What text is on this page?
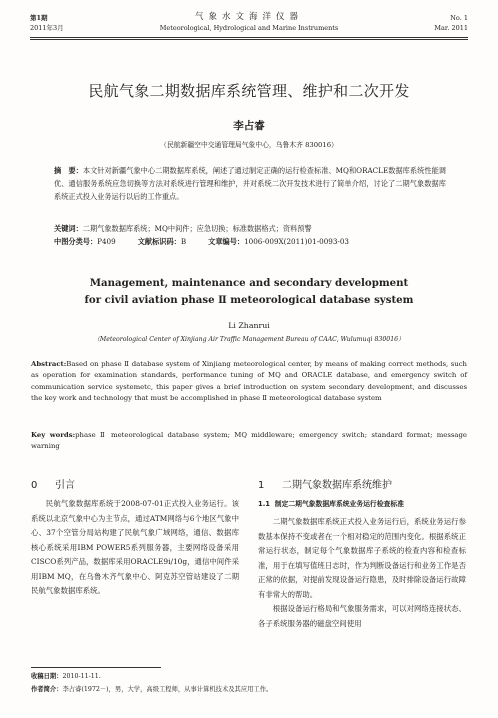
第1期
2011年3月
气象水文海洋仪器
Meteorological, Hydrological and Marine Instruments
No. 1
Mar. 2011
民航气象二期数据库系统管理、维护和二次开发
李占睿
（民航新疆空中交通管理局气象中心，乌鲁木齐 830016）
摘　要：本文针对新疆气象中心二期数据库系统，阐述了通过制定正确的运行检查标准、MQ和ORACLE数据库系统性能调优、通信服务系统应急切换等方法对系统进行管理和维护，并对系统二次开发技术进行了简单介绍，讨论了二期气象数据库系统正式投入业务运行以后的工作重点。
关键词：二期气象数据库系统；MQ中间件；应急切换；标准数据格式；资料预警
中图分类号：P409	文献标识码：B	文章编号：1006-009X(2011)01-0093-03
Management, maintenance and secondary development
for civil aviation phase Ⅱ meteorological database system
Li Zhanrui
（Meteorological Center of Xinjiang Air Traffic Management Bureau of CAAC, Wulumuqi 830016）
Abstract:Based on phase Ⅱ database system of Xinjiang meteorological center, by means of making correct methods, such as operation for examination standards, performance tuning of MQ and ORACLE database, and emergency switch of communication service systemetc, this paper gives a brief introduction on system secondary development, and discusses the key work and technology that must be accomplished in phase Ⅱ meteorological database system
Key words:phase Ⅱ meteorological database system; MQ middleware; emergency switch; standard format; message warning
0 引言

民航气象数据库系统于2008-07-01正式投入业务运行。该系统以北京气象中心为主节点，通过ATM网络与6个地区气象中心、37个空管分局站构建了民航气象广域网络，通信、数据库核心系统采用IBM POWER5系列服务器，主要网络设备采用CISCO系列产品，数据库采用ORACLE9i/10g，通信中间件采用IBM MQ，在乌鲁木齐气象中心、阿克苏空管站建设了二期民航气象数据库系统。

1 二期气象数据库系统维护
1.1 制定二期气象数据库系统业务运行检查标准

二期气象数据库系统正式投入业务运行后，系统业务运行参数基本保持不变或者在一个相对稳定的范围内变化。根据系统正常运行状态，制定每个气象数据库子系统的检查内容和检查标准，用于在填写值班日志时，作为判断设备运行和业务工作是否正常的依据，对提前发现设备运行隐患，及时排除设备运行故障有非常大的帮助。

根据设备运行格局和气象服务需求，可以对网络连接状态、各子系统服务器的磁盘空间使用

收稿日期：2010-11-11.
作者简介：李占睿(1972－)，男，大学，高级工程师，从事计算机技术及其应用工作。
